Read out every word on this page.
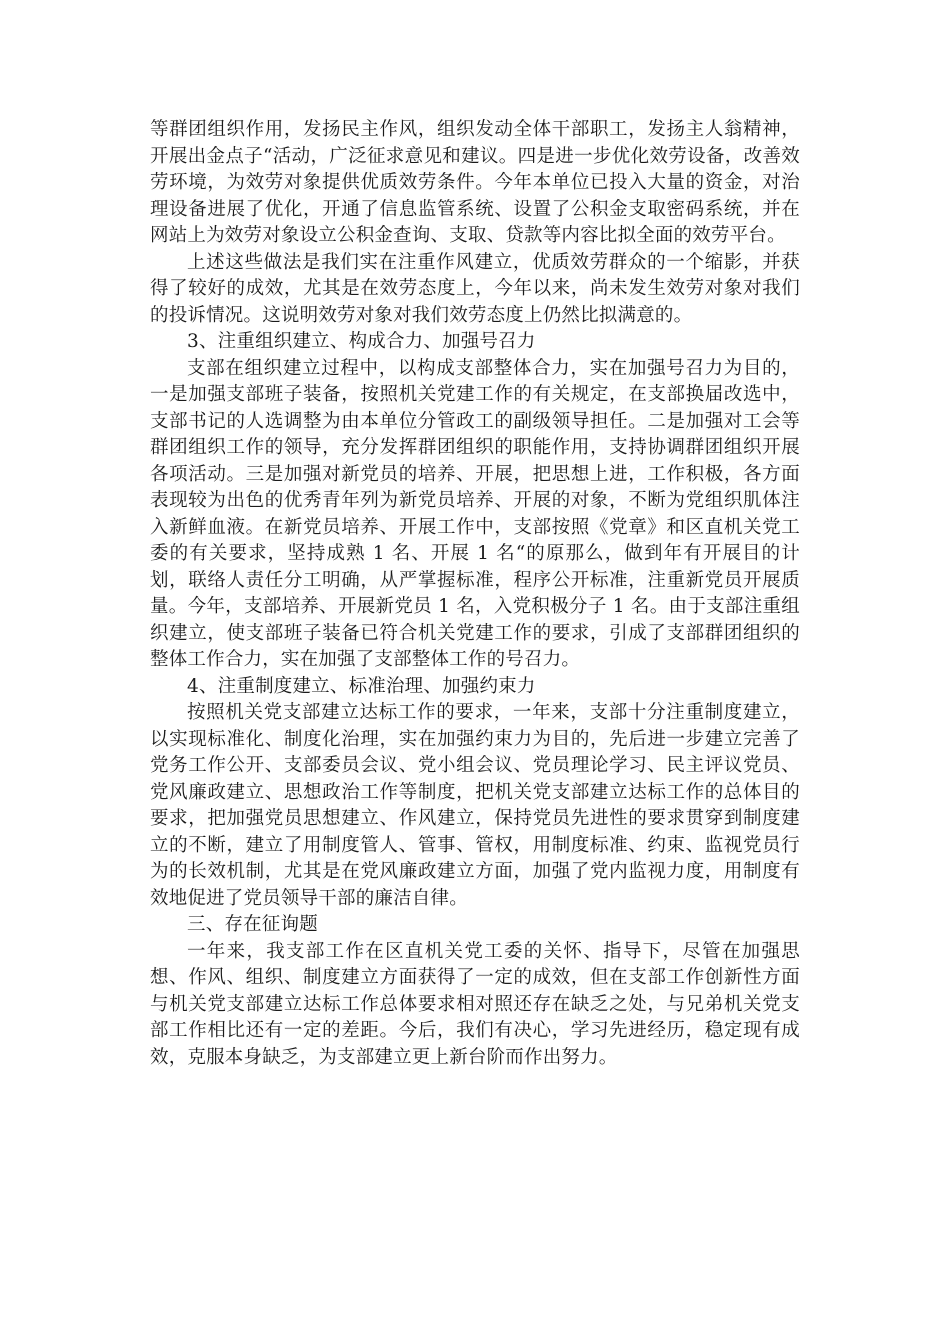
等群团组织作用，发扬民主作风，组织发动全体干部职工，发扬主人翁精神，开展出金点子“活动，广泛征求意见和建议。四是进一步优化效劳设备，改善效劳环境，为效劳对象提供优质效劳条件。今年本单位已投入大量的资金，对治理设备进展了优化，开通了信息监管系统、设置了公积金支取密码系统，并在网站上为效劳对象设立公积金查询、支取、贷款等内容比拟全面的效劳平台。

上述这些做法是我们实在注重作风建立，优质效劳群众的一个缩影，并获得了较好的成效，尤其是在效劳态度上，今年以来，尚未发生效劳对象对我们的投诉情况。这说明效劳对象对我们效劳态度上仍然比拟满意的。

3、注重组织建立、构成合力、加强号召力

支部在组织建立过程中，以构成支部整体合力，实在加强号召力为目的，一是加强支部班子装备，按照机关党建工作的有关规定，在支部换届改选中，支部书记的人选调整为由本单位分管政工的副级领导担任。二是加强对工会等群团组织工作的领导，充分发挥群团组织的职能作用，支持协调群团组织开展各项活动。三是加强对新党员的培养、开展，把思想上进，工作积极，各方面表现较为出色的优秀青年列为新党员培养、开展的对象，不断为党组织肌体注入新鲜血液。在新党员培养、开展工作中，支部按照《党章》和区直机关党工委的有关要求，坚持成熟 1 名、开展 1 名“的原那么，做到年有开展目的计划，联络人责任分工明确，从严掌握标准，程序公开标准，注重新党员开展质量。今年，支部培养、开展新党员 1 名，入党积极分子 1 名。由于支部注重组织建立，使支部班子装备已符合机关党建工作的要求，引成了支部群团组织的整体工作合力，实在加强了支部整体工作的号召力。

4、注重制度建立、标准治理、加强约束力

按照机关党支部建立达标工作的要求，一年来，支部十分注重制度建立，以实现标准化、制度化治理，实在加强约束力为目的，先后进一步建立完善了党务工作公开、支部委员会议、党小组会议、党员理论学习、民主评议党员、党风廉政建立、思想政治工作等制度，把机关党支部建立达标工作的总体目的要求，把加强党员思想建立、作风建立，保持党员先进性的要求贯穿到制度建立的不断，建立了用制度管人、管事、管权，用制度标准、约束、监视党员行为的长效机制，尤其是在党风廉政建立方面，加强了党内监视力度，用制度有效地促进了党员领导干部的廉洁自律。

三、存在征询题

一年来，我支部工作在区直机关党工委的关怀、指导下，尽管在加强思想、作风、组织、制度建立方面获得了一定的成效，但在支部工作创新性方面与机关党支部建立达标工作总体要求相对照还存在缺乏之处，与兄弟机关党支部工作相比还有一定的差距。今后，我们有决心，学习先进经历，稳定现有成效，克服本身缺乏，为支部建立更上新台阶而作出努力。
